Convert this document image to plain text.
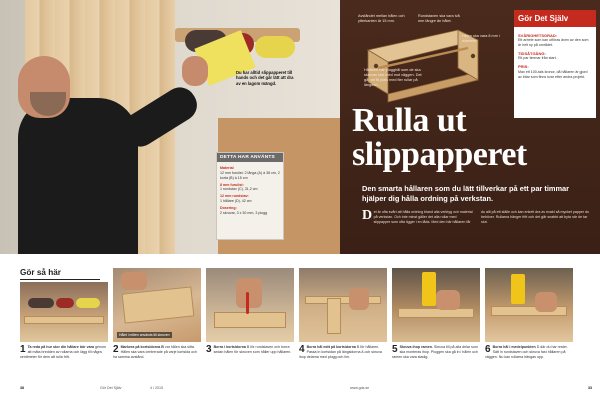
Du har alltid slippapperet till hands och det går lätt att dra av en lagom mängd.
DETTA HAR ANVÄNTS
Material
12 mm furulist: 2 långa (A) à 38 cm, 2 korta (B) à 15 cm
8 mm furulist:
1 rundstav (C), 31,2 cm
12 mm rundstav:
1 hållare (D), 42 cm
Dosering:
2 skruvar, 3 x 30 mm, 3 plugg
Avståndet mellan hålen och ytterkanten är 15 mm.
Rundstaven ska vara två mm längre än hålet.
Hålen ska vara 8 mm i diameter.
Hållaren har plugghål som de ska skruvas fast med mot väggen. Det går att få plats med fler rullar på längden.
Gör Det Själv
SVÅRIGHETSGRAD:
Ett arbete som kan utföras även av den som är helt ny på området.
TIDSÅTGÅNG:
Ett par timmar från start.
PRIS:
Max ett 100-tals kronor, då hållaren är gjord av bitar som finns kvar efter andra projekt.
Rulla ut
slippapperet
Den smarta hållaren som du lätt tillverkar på ett par timmar hjälper dig hålla ordning på verkstan.
Det är ofta svårt att hålla ordning bland alla verktyg och material på verkstan. Och inte minst gäller det alla rullar med slippapper som ofta ligger i en låda. Med den här hållaren får du allt på ett ställe och kan enkelt dra av exakt så mycket papper du behöver. Rullarna hänger fritt och det går snabbt att byta när de tar slut.
Gör så här
1 Ta reda på hur stor din hållare bör vara genom att mäta bredden av rullarna och lägg till några centimeter för dem att rulla fritt.
Hålet i mitten används till skruven
2 Markera på kortsidorna B var hålen ska sitta. Hålen ska vara centrerade på varje kortsida och ha samma avstånd.
3 Borra i kortsidorna B för rundstaven och borra sedan hålen för skruven som håller upp hållaren. 4 Borra hål mitt på kortsidorna B för hållaren. Passa in kortsidan på längsidorna A och skruva ihop delarna med plugg och lim.
5 Skruva ihop ramen. Skruva till på alla delar som ska monteras ihop. Pluggen ska gå in i hålen och ramen ska vara stadig.
6 Borra hål i medelpunkten D där du har rester. Sätt in rundstaven och skruva fast hållaren på väggen. Nu kan rullarna hängas upp.
38	Gör Det Själv	4 / 2015	www.gds.se	33
